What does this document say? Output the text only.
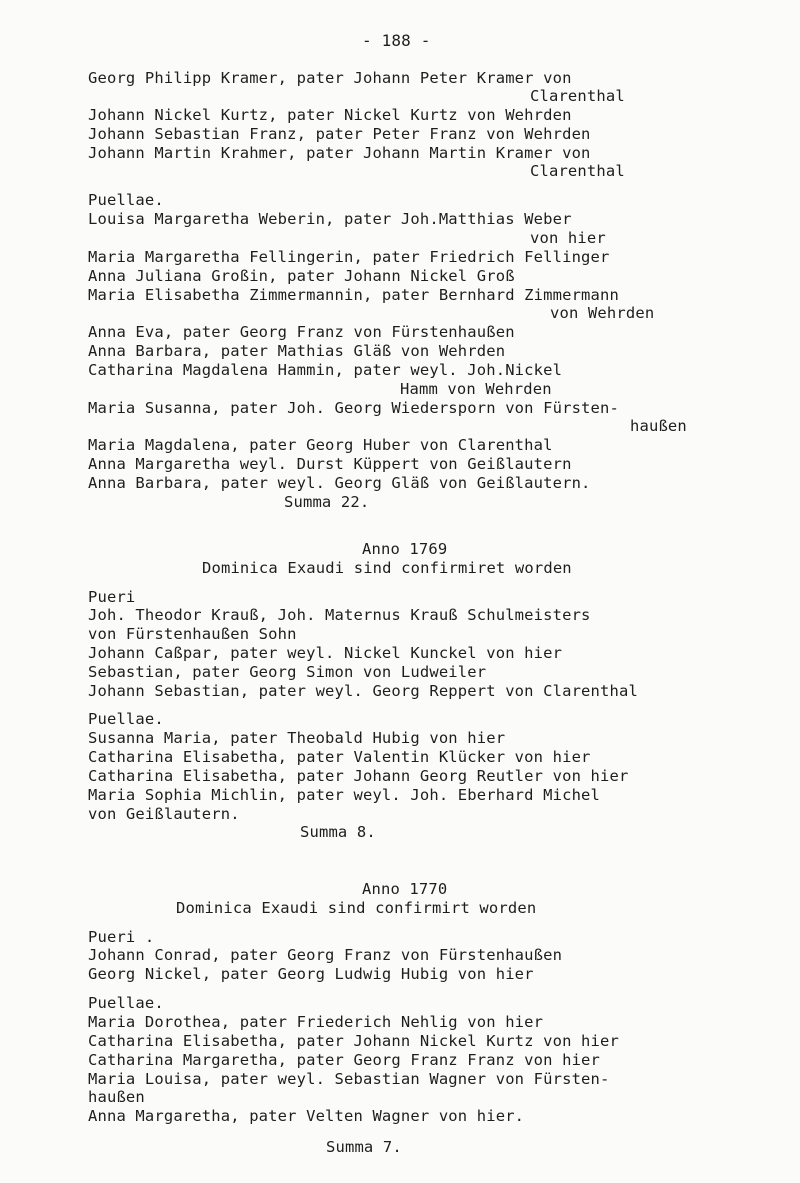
- 188 -
Georg Philipp Kramer, pater Johann Peter Kramer von
Clarenthal
Johann Nickel Kurtz, pater Nickel Kurtz von Wehrden
Johann Sebastian Franz, pater Peter Franz von Wehrden
Johann Martin Krahmer, pater Johann Martin Kramer von
Clarenthal
Puellae.
Louisa Margaretha Weberin, pater Joh.Matthias Weber
von hier
Maria Margaretha Fellingerin, pater Friedrich Fellinger
Anna Juliana Großin, pater Johann Nickel Groß
Maria Elisabetha Zimmermannin, pater Bernhard Zimmermann
von Wehrden
Anna Eva, pater Georg Franz von Fürstenhaußen
Anna Barbara, pater Mathias Gläß von Wehrden
Catharina Magdalena Hammin, pater weyl. Joh.Nickel
Hamm von Wehrden
Maria Susanna, pater Joh. Georg Wiedersporn von Fürsten-
haußen
Maria Magdalena, pater Georg Huber von Clarenthal
Anna Margaretha weyl. Durst Küppert von Geißlautern
Anna Barbara, pater weyl. Georg Gläß von Geißlautern.
Summa 22.
Anno 1769
Dominica Exaudi sind confirmiret worden
Pueri
Joh. Theodor Krauß, Joh. Maternus Krauß Schulmeisters
von Fürstenhaußen Sohn
Johann Caßpar, pater weyl. Nickel Kunckel von hier
Sebastian, pater Georg Simon von Ludweiler
Johann Sebastian, pater weyl. Georg Reppert von Clarenthal
Puellae.
Susanna Maria, pater Theobald Hubig von hier
Catharina Elisabetha, pater Valentin Klücker von hier
Catharina Elisabetha, pater Johann Georg Reutler von hier
Maria Sophia Michlin, pater weyl. Joh. Eberhard Michel
von Geißlautern.
Summa 8.
Anno 1770
Dominica Exaudi sind confirmirt worden
Pueri .
Johann Conrad, pater Georg Franz von Fürstenhaußen
Georg Nickel, pater Georg Ludwig Hubig von hier
Puellae.
Maria Dorothea, pater Friederich Nehlig von hier
Catharina Elisabetha, pater Johann Nickel Kurtz von hier
Catharina Margaretha, pater Georg Franz Franz von hier
Maria Louisa, pater weyl. Sebastian Wagner von Fürsten-
haußen
Anna Margaretha, pater Velten Wagner von hier.
Summa 7.
